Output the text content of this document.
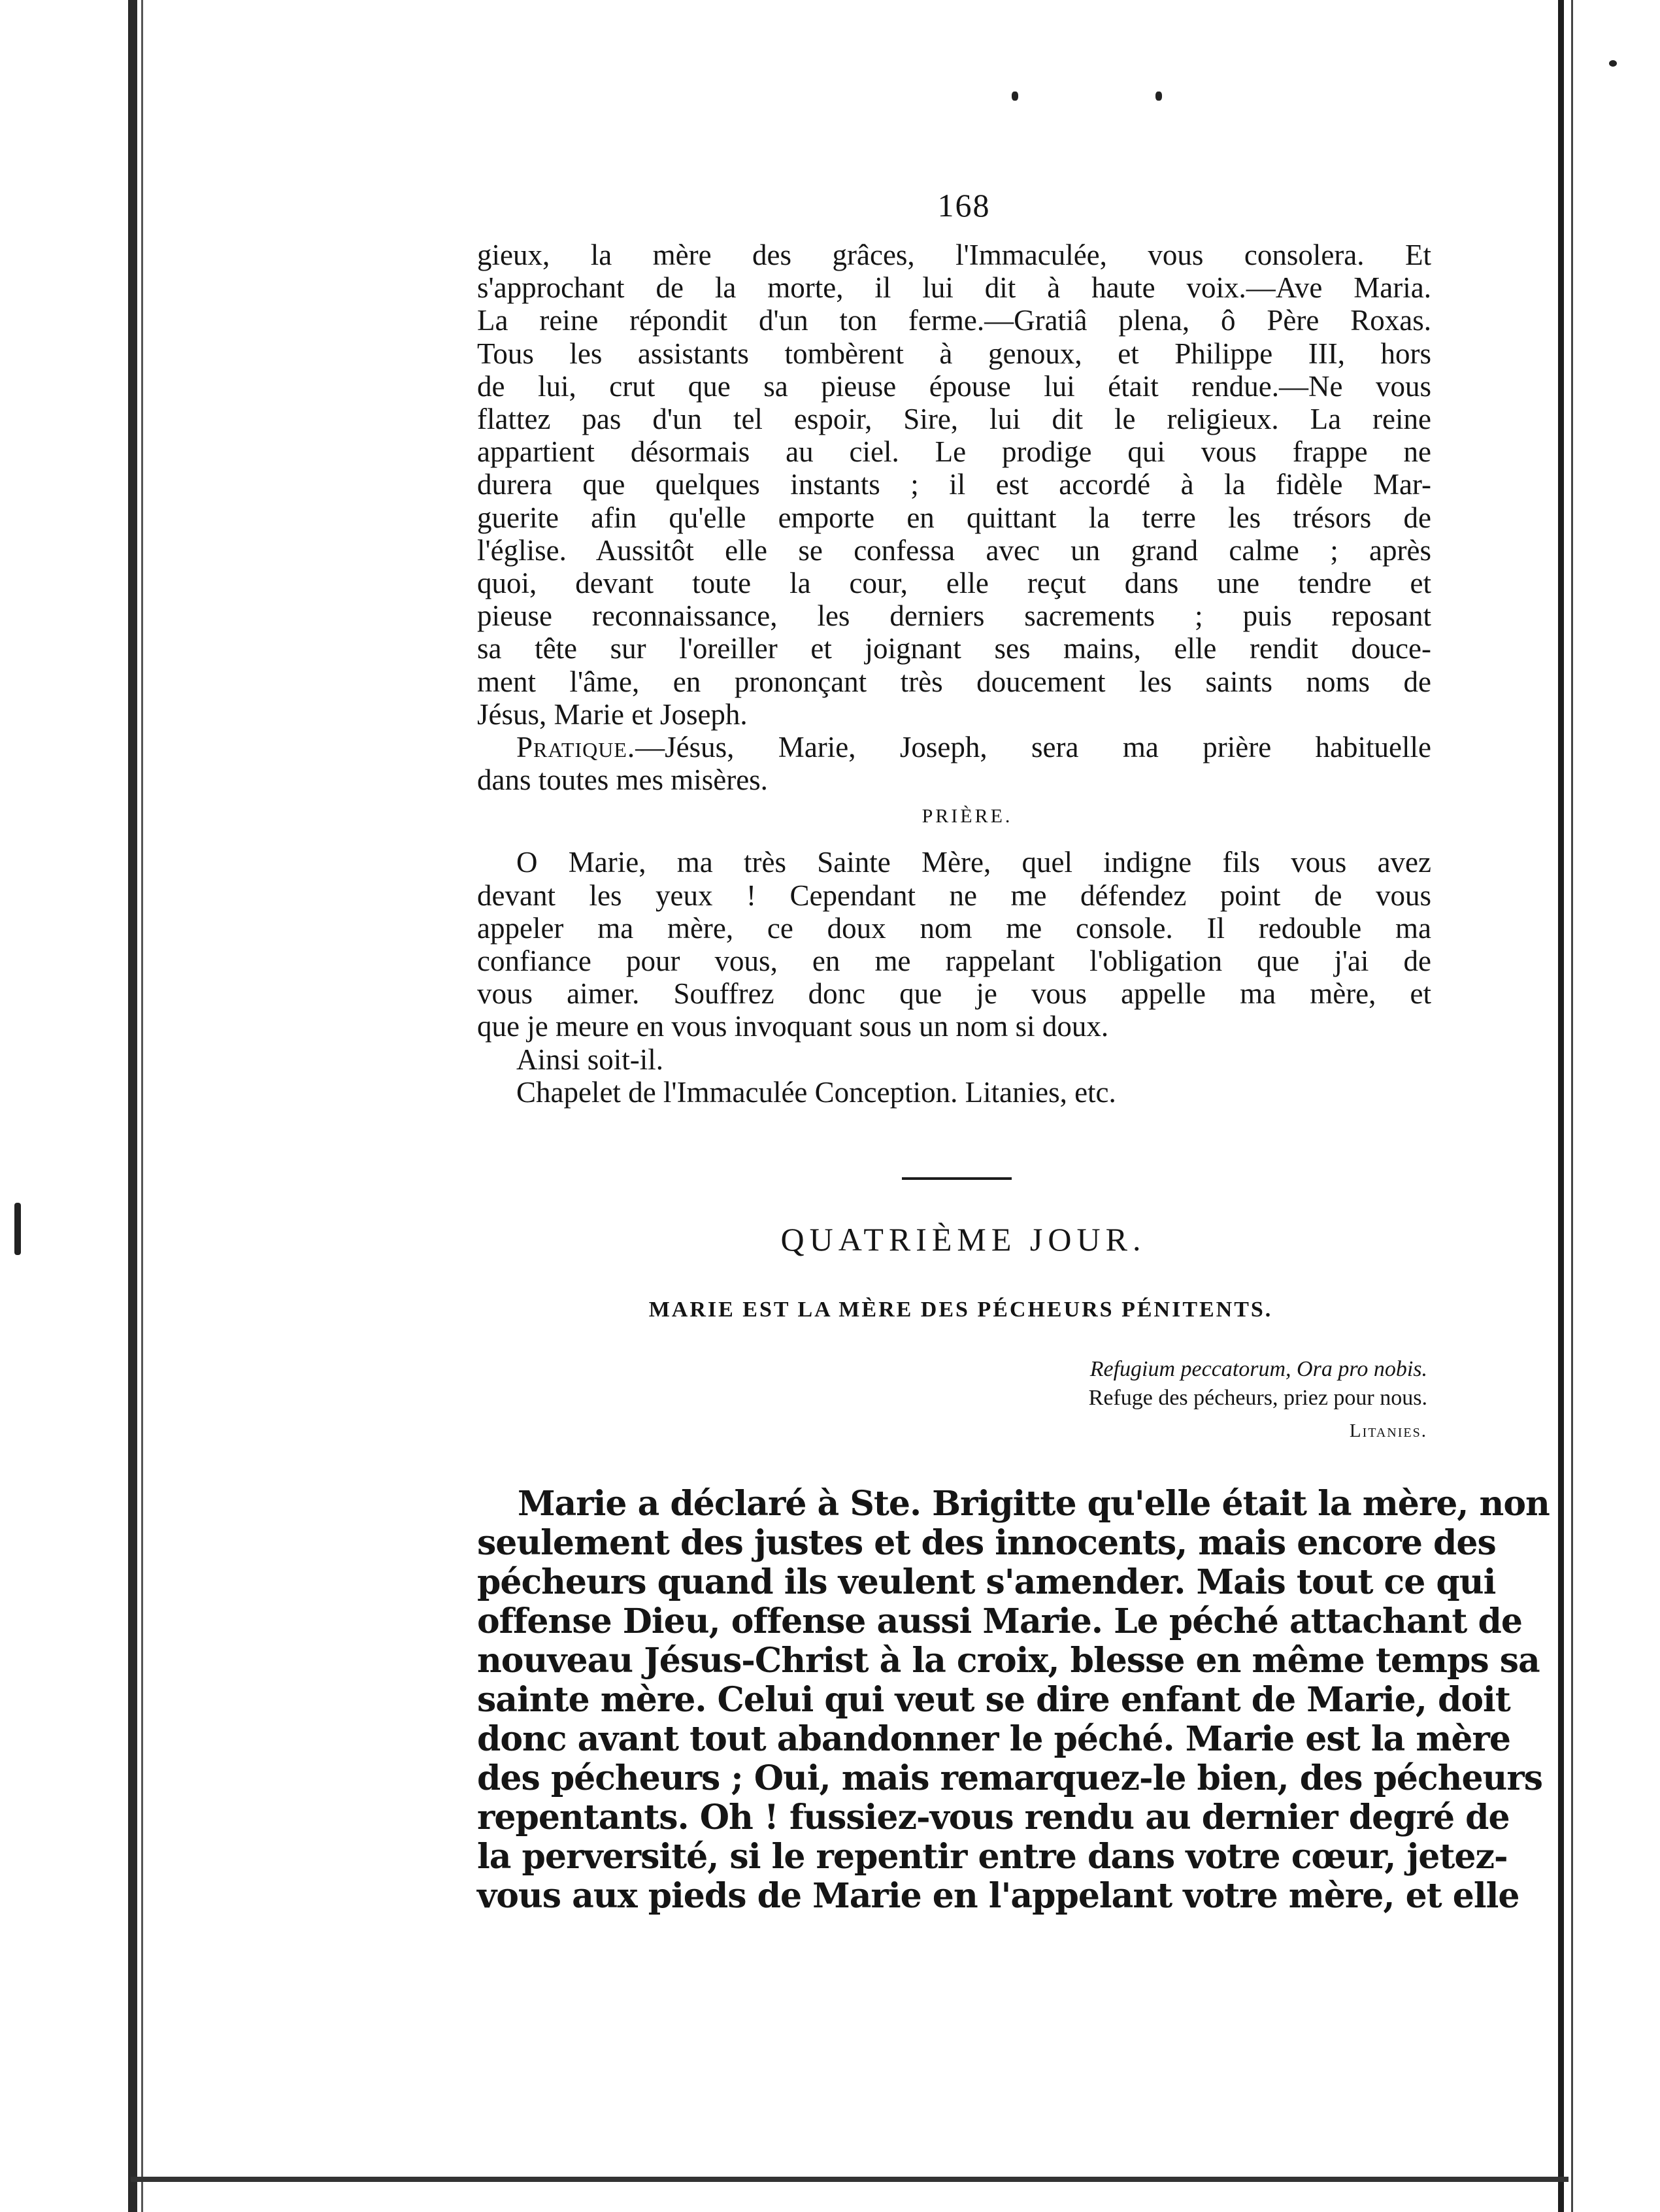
168
gieux, la mère des grâces, l'Immaculée, vous consolera. Et
s'approchant de la morte, il lui dit à haute voix.—Ave Maria.
La reine répondit d'un ton ferme.—Gratiâ plena, ô Père Roxas.
Tous les assistants tombèrent à genoux, et Philippe III, hors
de lui, crut que sa pieuse épouse lui était rendue.—Ne vous
flattez pas d'un tel espoir, Sire, lui dit le religieux. La reine
appartient désormais au ciel. Le prodige qui vous frappe ne
durera que quelques instants ; il est accordé à la fidèle Mar-
guerite afin qu'elle emporte en quittant la terre les trésors de
l'église. Aussitôt elle se confessa avec un grand calme ; après
quoi, devant toute la cour, elle reçut dans une tendre et
pieuse reconnaissance, les derniers sacrements ; puis reposant
sa tête sur l'oreiller et joignant ses mains, elle rendit douce-
ment l'âme, en prononçant très doucement les saints noms de
Jésus, Marie et Joseph.
Pratique.—Jésus, Marie, Joseph, sera ma prière habituelle
dans toutes mes misères.
PRIÈRE.
O Marie, ma très Sainte Mère, quel indigne fils vous avez
devant les yeux ! Cependant ne me défendez point de vous
appeler ma mère, ce doux nom me console. Il redouble ma
confiance pour vous, en me rappelant l'obligation que j'ai de
vous aimer. Souffrez donc que je vous appelle ma mère, et
que je meure en vous invoquant sous un nom si doux.
Ainsi soit-il.
Chapelet de l'Immaculée Conception. Litanies, etc.
QUATRIÈME JOUR.
MARIE EST LA MÈRE DES PÉCHEURS PÉNITENTS.
Refugium peccatorum, Ora pro nobis.
Refuge des pécheurs, priez pour nous.
Litanies.
Marie a déclaré à Ste. Brigitte qu'elle était la mère, non
seulement des justes et des innocents, mais encore des
pécheurs quand ils veulent s'amender. Mais tout ce qui
offense Dieu, offense aussi Marie. Le péché attachant de
nouveau Jésus-Christ à la croix, blesse en même temps sa
sainte mère. Celui qui veut se dire enfant de Marie, doit
donc avant tout abandonner le péché. Marie est la mère
des pécheurs ; Oui, mais remarquez-le bien, des pécheurs
repentants. Oh ! fussiez-vous rendu au dernier degré de
la perversité, si le repentir entre dans votre cœur, jetez-
vous aux pieds de Marie en l'appelant votre mère, et elle
